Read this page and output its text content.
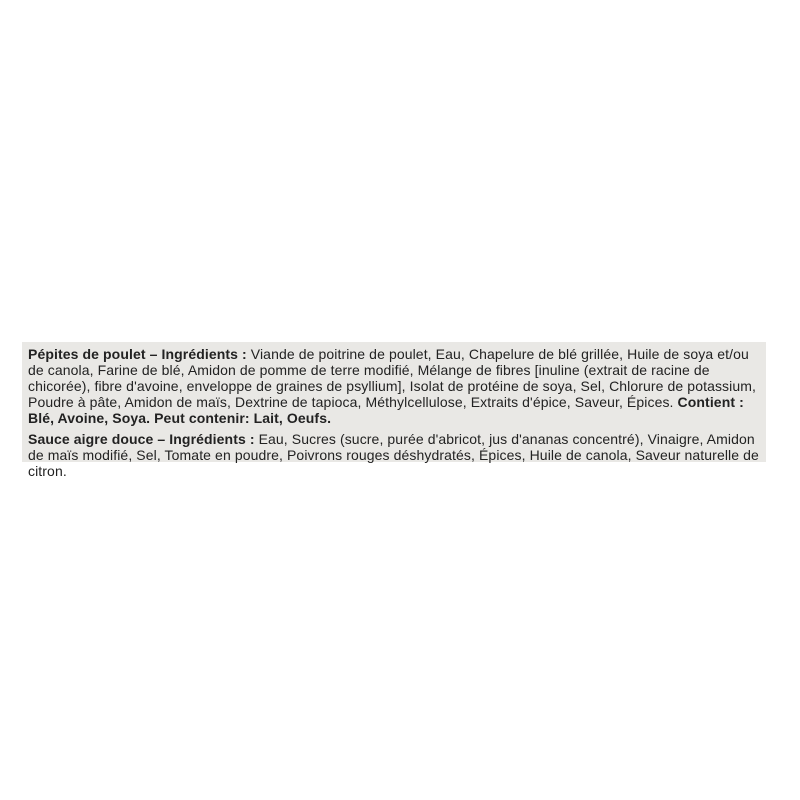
Pépites de poulet – Ingrédients : Viande de poitrine de poulet, Eau, Chapelure de blé grillée, Huile de soya et/ou de canola, Farine de blé, Amidon de pomme de terre modifié, Mélange de fibres [inuline (extrait de racine de chicorée), fibre d'avoine, enveloppe de graines de psyllium], Isolat de protéine de soya, Sel, Chlorure de potassium, Poudre à pâte, Amidon de maïs, Dextrine de tapioca, Méthylcellulose, Extraits d'épice, Saveur, Épices. Contient : Blé, Avoine, Soya. Peut contenir: Lait, Oeufs.

Sauce aigre douce – Ingrédients : Eau, Sucres (sucre, purée d'abricot, jus d'ananas concentré), Vinaigre, Amidon de maïs modifié, Sel, Tomate en poudre, Poivrons rouges déshydratés, Épices, Huile de canola, Saveur naturelle de citron.
